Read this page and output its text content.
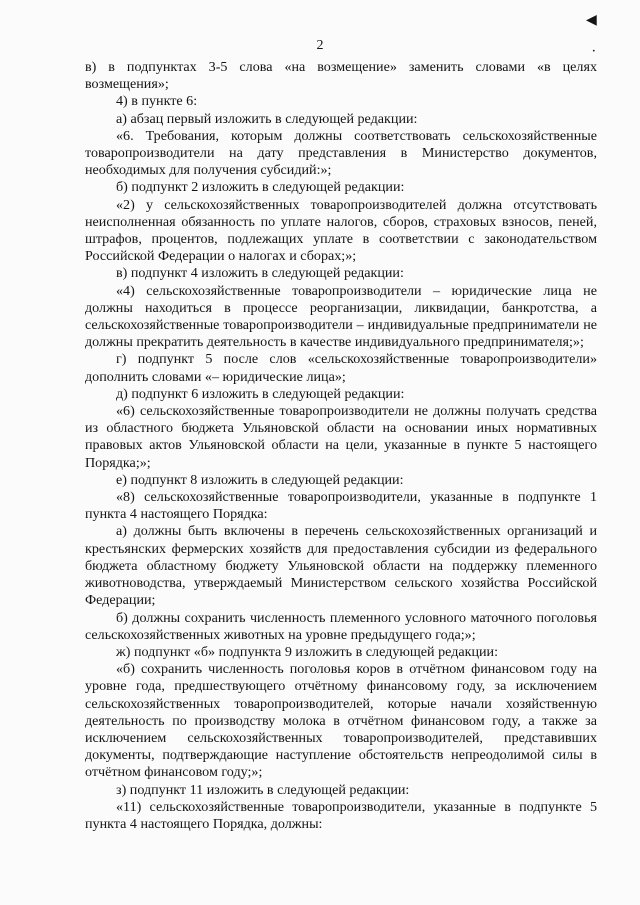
◀
•
2

в) в подпунктах 3-5 слова «на возмещение» заменить словами «в целях возмещения»;

4) в пункте 6:

а) абзац первый изложить в следующей редакции:

«6. Требования, которым должны соответствовать сельскохозяйственные товаропроизводители на дату представления в Министерство документов, необходимых для получения субсидий:»;

б) подпункт 2 изложить в следующей редакции:

«2) у сельскохозяйственных товаропроизводителей должна отсутствовать неисполненная обязанность по уплате налогов, сборов, страховых взносов, пеней, штрафов, процентов, подлежащих уплате в соответствии с законодательством Российской Федерации о налогах и сборах;»;

в) подпункт 4 изложить в следующей редакции:

«4) сельскохозяйственные товаропроизводители – юридические лица не должны находиться в процессе реорганизации, ликвидации, банкротства, а сельскохозяйственные товаропроизводители – индивидуальные предприниматели не должны прекратить деятельность в качестве индивидуального предпринимателя;»;

г) подпункт 5 после слов «сельскохозяйственные товаропроизводители» дополнить словами «– юридические лица»;

д) подпункт 6 изложить в следующей редакции:

«6) сельскохозяйственные товаропроизводители не должны получать средства из областного бюджета Ульяновской области на основании иных нормативных правовых актов Ульяновской области на цели, указанные в пункте 5 настоящего Порядка;»;

е) подпункт 8 изложить в следующей редакции:

«8) сельскохозяйственные товаропроизводители, указанные в подпункте 1 пункта 4 настоящего Порядка:

а) должны быть включены в перечень сельскохозяйственных организаций и крестьянских фермерских хозяйств для предоставления субсидии из федерального бюджета областному бюджету Ульяновской области на поддержку племенного животноводства, утверждаемый Министерством сельского хозяйства Российской Федерации;

б) должны сохранить численность племенного условного маточного поголовья сельскохозяйственных животных на уровне предыдущего года;»;

ж) подпункт «б» подпункта 9 изложить в следующей редакции:

«б) сохранить численность поголовья коров в отчётном финансовом году на уровне года, предшествующего отчётному финансовому году, за исключением сельскохозяйственных товаропроизводителей, которые начали хозяйственную деятельность по производству молока в отчётном финансовом году, а также за исключением сельскохозяйственных товаропроизводителей, представивших документы, подтверждающие наступление обстоятельств непреодолимой силы в отчётном финансовом году;»;

з) подпункт 11 изложить в следующей редакции:

«11) сельскохозяйственные товаропроизводители, указанные в подпункте 5 пункта 4 настоящего Порядка, должны:
